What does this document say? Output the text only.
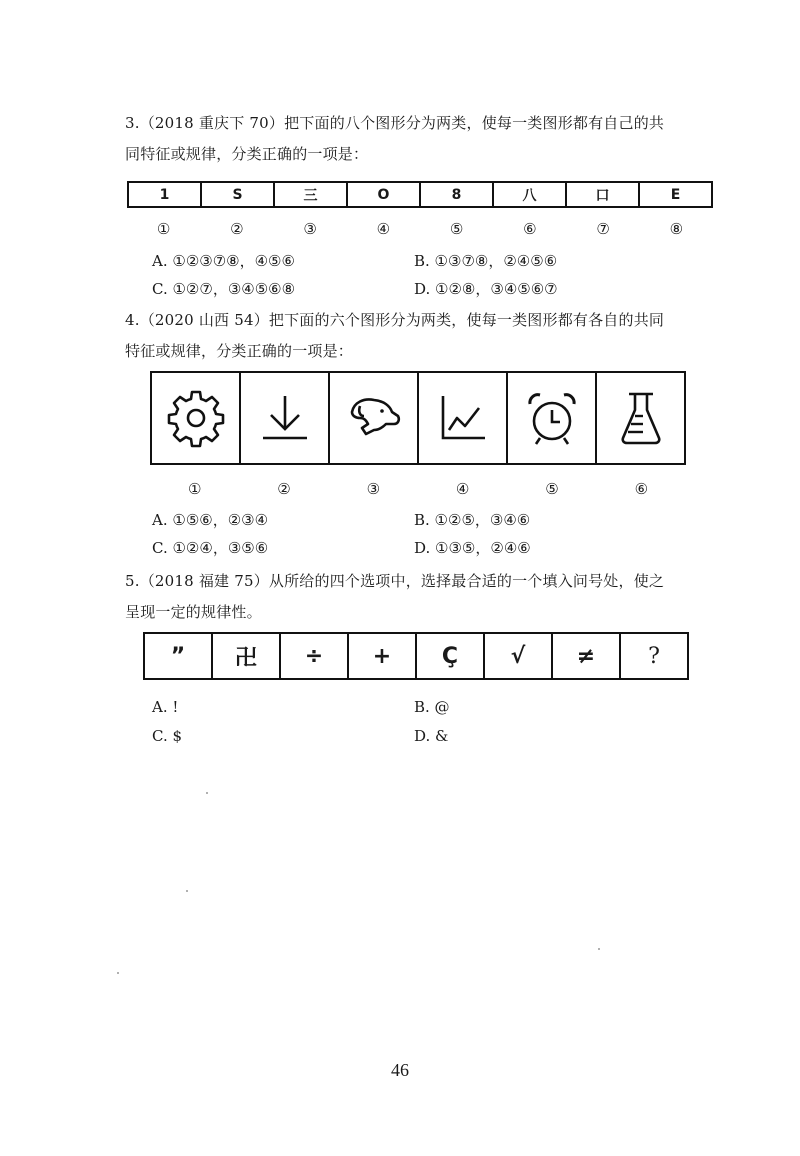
3.（2018 重庆下 70）把下面的八个图形分为两类，使每一类图形都有自己的共
同特征或规律，分类正确的一项是：
1	S	三	O	8	八	口	E
①	②	③	④	⑤	⑥	⑦	⑧
A. ①②③⑦⑧，④⑤⑥	B. ①③⑦⑧，②④⑤⑥
C. ①②⑦，③④⑤⑥⑧	D. ①②⑧，③④⑤⑥⑦
4.（2020 山西 54）把下面的六个图形分为两类，使每一类图形都有各自的共同
特征或规律，分类正确的一项是：
①	②	③	④	⑤	⑥
A. ①⑤⑥，②③④	B. ①②⑤，③④⑥
C. ①②④，③⑤⑥	D. ①③⑤，②④⑥
5.（2018 福建 75）从所给的四个选项中，选择最合适的一个填入问号处，使之
呈现一定的规律性。
”	卍	÷	+	Ç	√	≠	?
A. !	B. @
C. $	D. &
46
